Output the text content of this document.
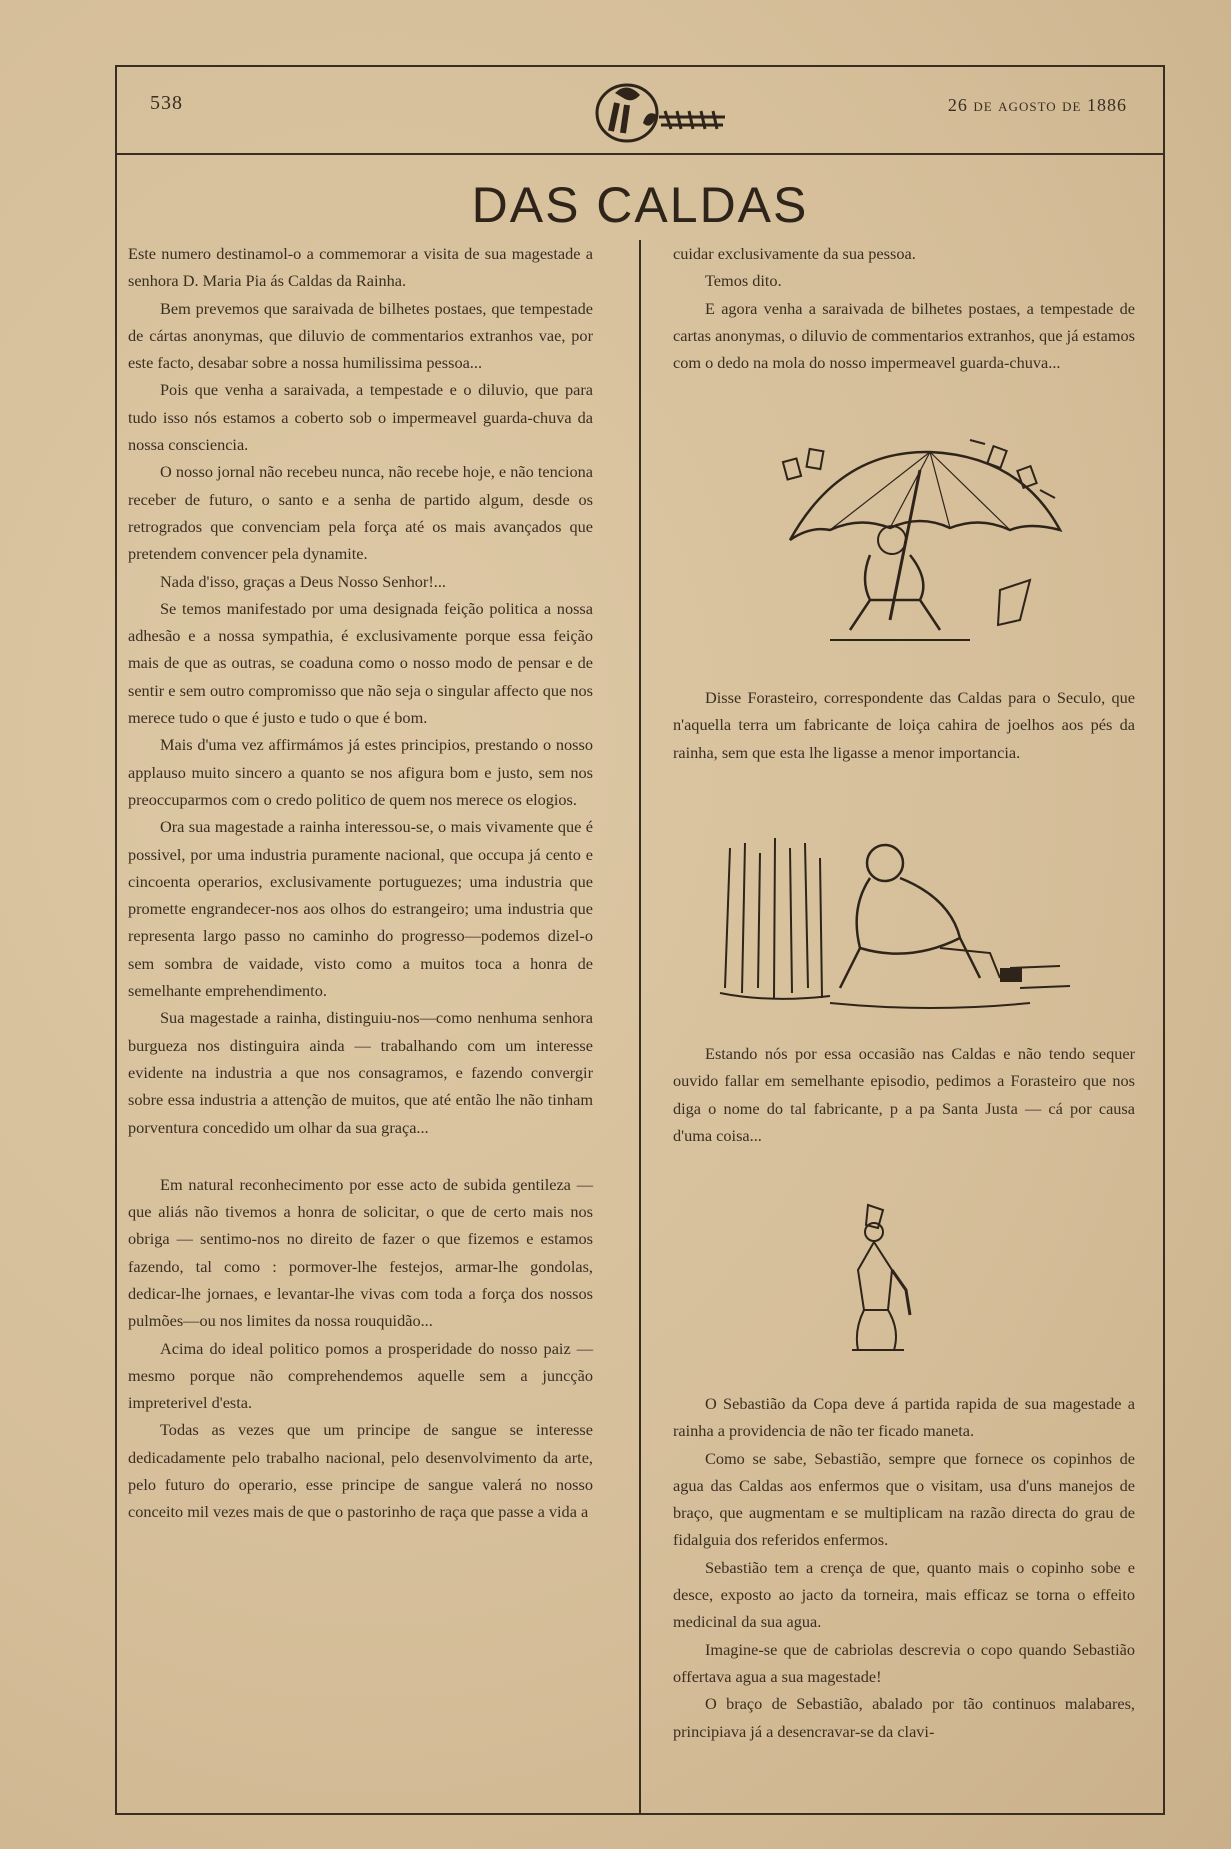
538	26 de agosto de 1886
DAS CALDAS

Este numero destinamol-o a commemorar a visita de sua magestade a senhora D. Maria Pia ás Caldas da Rainha.

Bem prevemos que saraivada de bilhetes postaes, que tempestade de cártas anonymas, que diluvio de commentarios extranhos vae, por este facto, desabar sobre a nossa humilissima pessoa...

Pois que venha a saraivada, a tempestade e o diluvio, que para tudo isso nós estamos a coberto sob o impermeavel guarda-chuva da nossa consciencia.

O nosso jornal não recebeu nunca, não recebe hoje, e não tenciona receber de futuro, o santo e a senha de partido algum, desde os retrogrados que convenciam pela força até os mais avançados que pretendem convencer pela dynamite.

Nada d'isso, graças a Deus Nosso Senhor!...

Se temos manifestado por uma designada feição politica a nossa adhesão e a nossa sympathia, é exclusivamente porque essa feição mais de que as outras, se coaduna como o nosso modo de pensar e de sentir e sem outro compromisso que não seja o singular affecto que nos merece tudo o que é justo e tudo o que é bom.

Mais d'uma vez affirmámos já estes principios, prestando o nosso applauso muito sincero a quanto se nos afigura bom e justo, sem nos preoccuparmos com o credo politico de quem nos merece os elogios.

Ora sua magestade a rainha interessou-se, o mais vivamente que é possivel, por uma industria puramente nacional, que occupa já cento e cincoenta operarios, exclusivamente portuguezes; uma industria que promette engrandecer-nos aos olhos do estrangeiro; uma industria que representa largo passo no caminho do progresso—podemos dizel-o sem sombra de vaidade, visto como a muitos toca a honra de semelhante emprehendimento.

Sua magestade a rainha, distinguiu-nos—como nenhuma senhora burgueza nos distinguira ainda — trabalhando com um interesse evidente na industria a que nos consagramos, e fazendo convergir sobre essa industria a attenção de muitos, que até então lhe não tinham porventura concedido um olhar da sua graça...

Em natural reconhecimento por esse acto de subida gentileza — que aliás não tivemos a honra de solicitar, o que de certo mais nos obriga — sentimo-nos no direito de fazer o que fizemos e estamos fazendo, tal como : pormover-lhe festejos, armar-lhe gondolas, dedicar-lhe jornaes, e levantar-lhe vivas com toda a força dos nossos pulmões—ou nos limites da nossa rouquidão...

Acima do ideal politico pomos a prosperidade do nosso paiz — mesmo porque não comprehendemos aquelle sem a juncção impreterivel d'esta.

Todas as vezes que um principe de sangue se interesse dedicadamente pelo trabalho nacional, pelo desenvolvimento da arte, pelo futuro do operario, esse principe de sangue valerá no nosso conceito mil vezes mais de que o pastorinho de raça que passe a vida a

cuidar exclusivamente da sua pessoa.

Temos dito.

E agora venha a saraivada de bilhetes postaes, a tempestade de cartas anonymas, o diluvio de commentarios extranhos, que já estamos com o dedo na mola do nosso impermeavel guarda-chuva...

Disse Forasteiro, correspondente das Caldas para o Seculo, que n'aquella terra um fabricante de loiça cahira de joelhos aos pés da rainha, sem que esta lhe ligasse a menor importancia.

Estando nós por essa occasião nas Caldas e não tendo sequer ouvido fallar em semelhante episodio, pedimos a Forasteiro que nos diga o nome do tal fabricante, p a pa Santa Justa — cá por causa d'uma coisa...

O Sebastião da Copa deve á partida rapida de sua magestade a rainha a providencia de não ter ficado maneta.

Como se sabe, Sebastião, sempre que fornece os copinhos de agua das Caldas aos enfermos que o visitam, usa d'uns manejos de braço, que augmentam e se multiplicam na razão directa do grau de fidalguia dos referidos enfermos.

Sebastião tem a crença de que, quanto mais o copinho sobe e desce, exposto ao jacto da torneira, mais efficaz se torna o effeito medicinal da sua agua.

Imagine-se que de cabriolas descrevia o copo quando Sebastião offertava agua a sua magestade!

O braço de Sebastião, abalado por tão continuos malabares, principiava já a desencravar-se da clavi-
